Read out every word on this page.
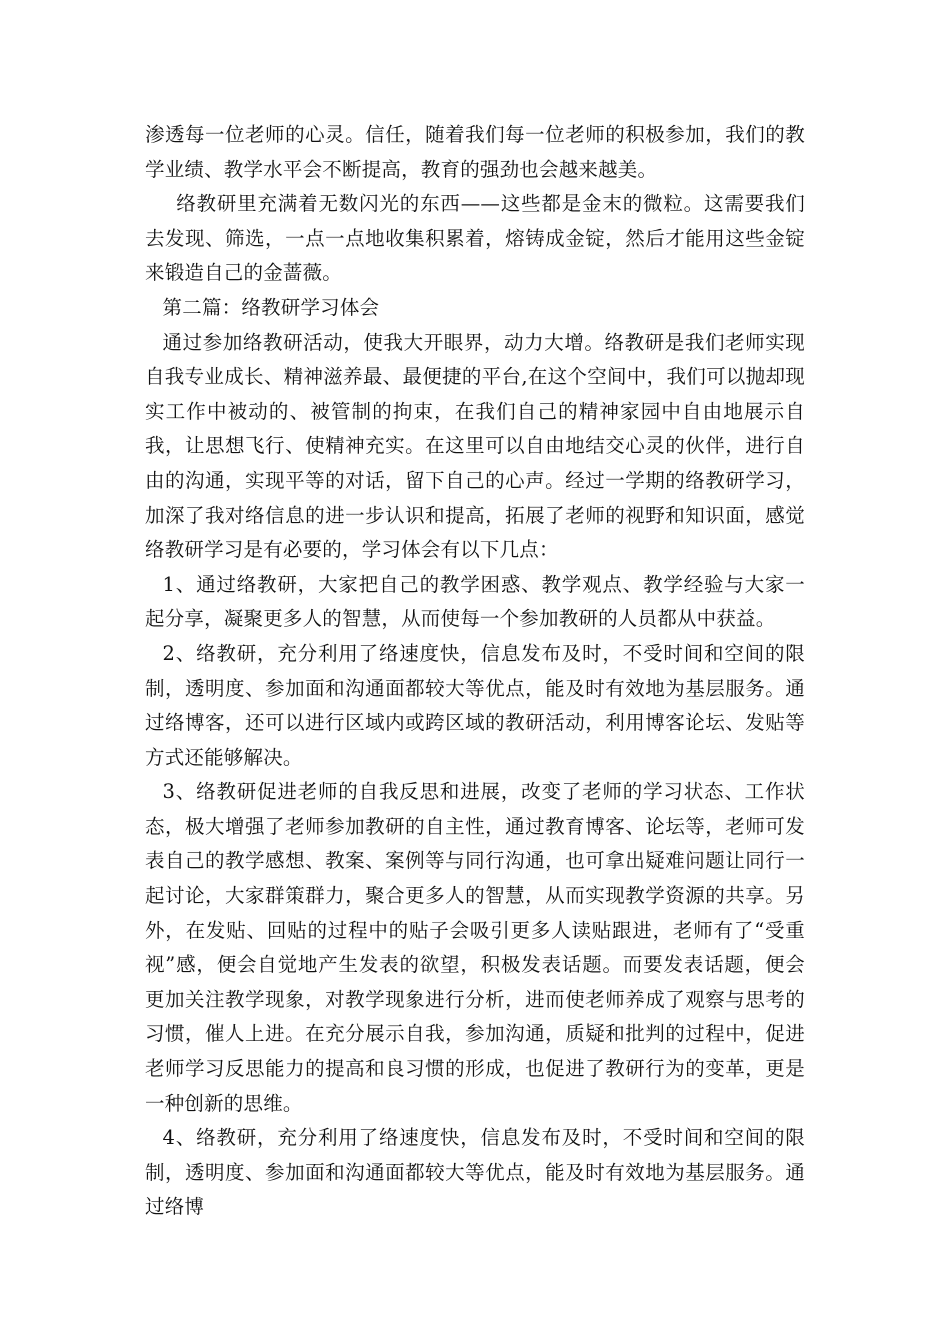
渗透每一位老师的心灵。信任，随着我们每一位老师的积极参加，我们的教学业绩、教学水平会不断提高，教育的强劲也会越来越美。

络教研里充满着无数闪光的东西——这些都是金末的微粒。这需要我们去发现、筛选，一点一点地收集积累着，熔铸成金锭，然后才能用这些金锭来锻造自己的金蔷薇。

第二篇：络教研学习体会

通过参加络教研活动，使我大开眼界，动力大增。络教研是我们老师实现自我专业成长、精神滋养最、最便捷的平台,在这个空间中，我们可以抛却现实工作中被动的、被管制的拘束，在我们自己的精神家园中自由地展示自我，让思想飞行、使精神充实。在这里可以自由地结交心灵的伙伴，进行自由的沟通，实现平等的对话，留下自己的心声。经过一学期的络教研学习，加深了我对络信息的进一步认识和提高，拓展了老师的视野和知识面，感觉络教研学习是有必要的，学习体会有以下几点：

1、通过络教研，大家把自己的教学困惑、教学观点、教学经验与大家一起分享，凝聚更多人的智慧，从而使每一个参加教研的人员都从中获益。

2、络教研，充分利用了络速度快，信息发布及时，不受时间和空间的限制，透明度、参加面和沟通面都较大等优点，能及时有效地为基层服务。通过络博客，还可以进行区域内或跨区域的教研活动，利用博客论坛、发贴等方式还能够解决。

3、络教研促进老师的自我反思和进展，改变了老师的学习状态、工作状态，极大增强了老师参加教研的自主性，通过教育博客、论坛等，老师可发表自己的教学感想、教案、案例等与同行沟通，也可拿出疑难问题让同行一起讨论，大家群策群力，聚合更多人的智慧，从而实现教学资源的共享。另外，在发贴、回贴的过程中的贴子会吸引更多人读贴跟进，老师有了“受重视”感，便会自觉地产生发表的欲望，积极发表话题。而要发表话题，便会更加关注教学现象，对教学现象进行分析，进而使老师养成了观察与思考的习惯，催人上进。在充分展示自我，参加沟通，质疑和批判的过程中，促进老师学习反思能力的提高和良习惯的形成，也促进了教研行为的变革，更是一种创新的思维。

4、络教研，充分利用了络速度快，信息发布及时，不受时间和空间的限制，透明度、参加面和沟通面都较大等优点，能及时有效地为基层服务。通过络博
